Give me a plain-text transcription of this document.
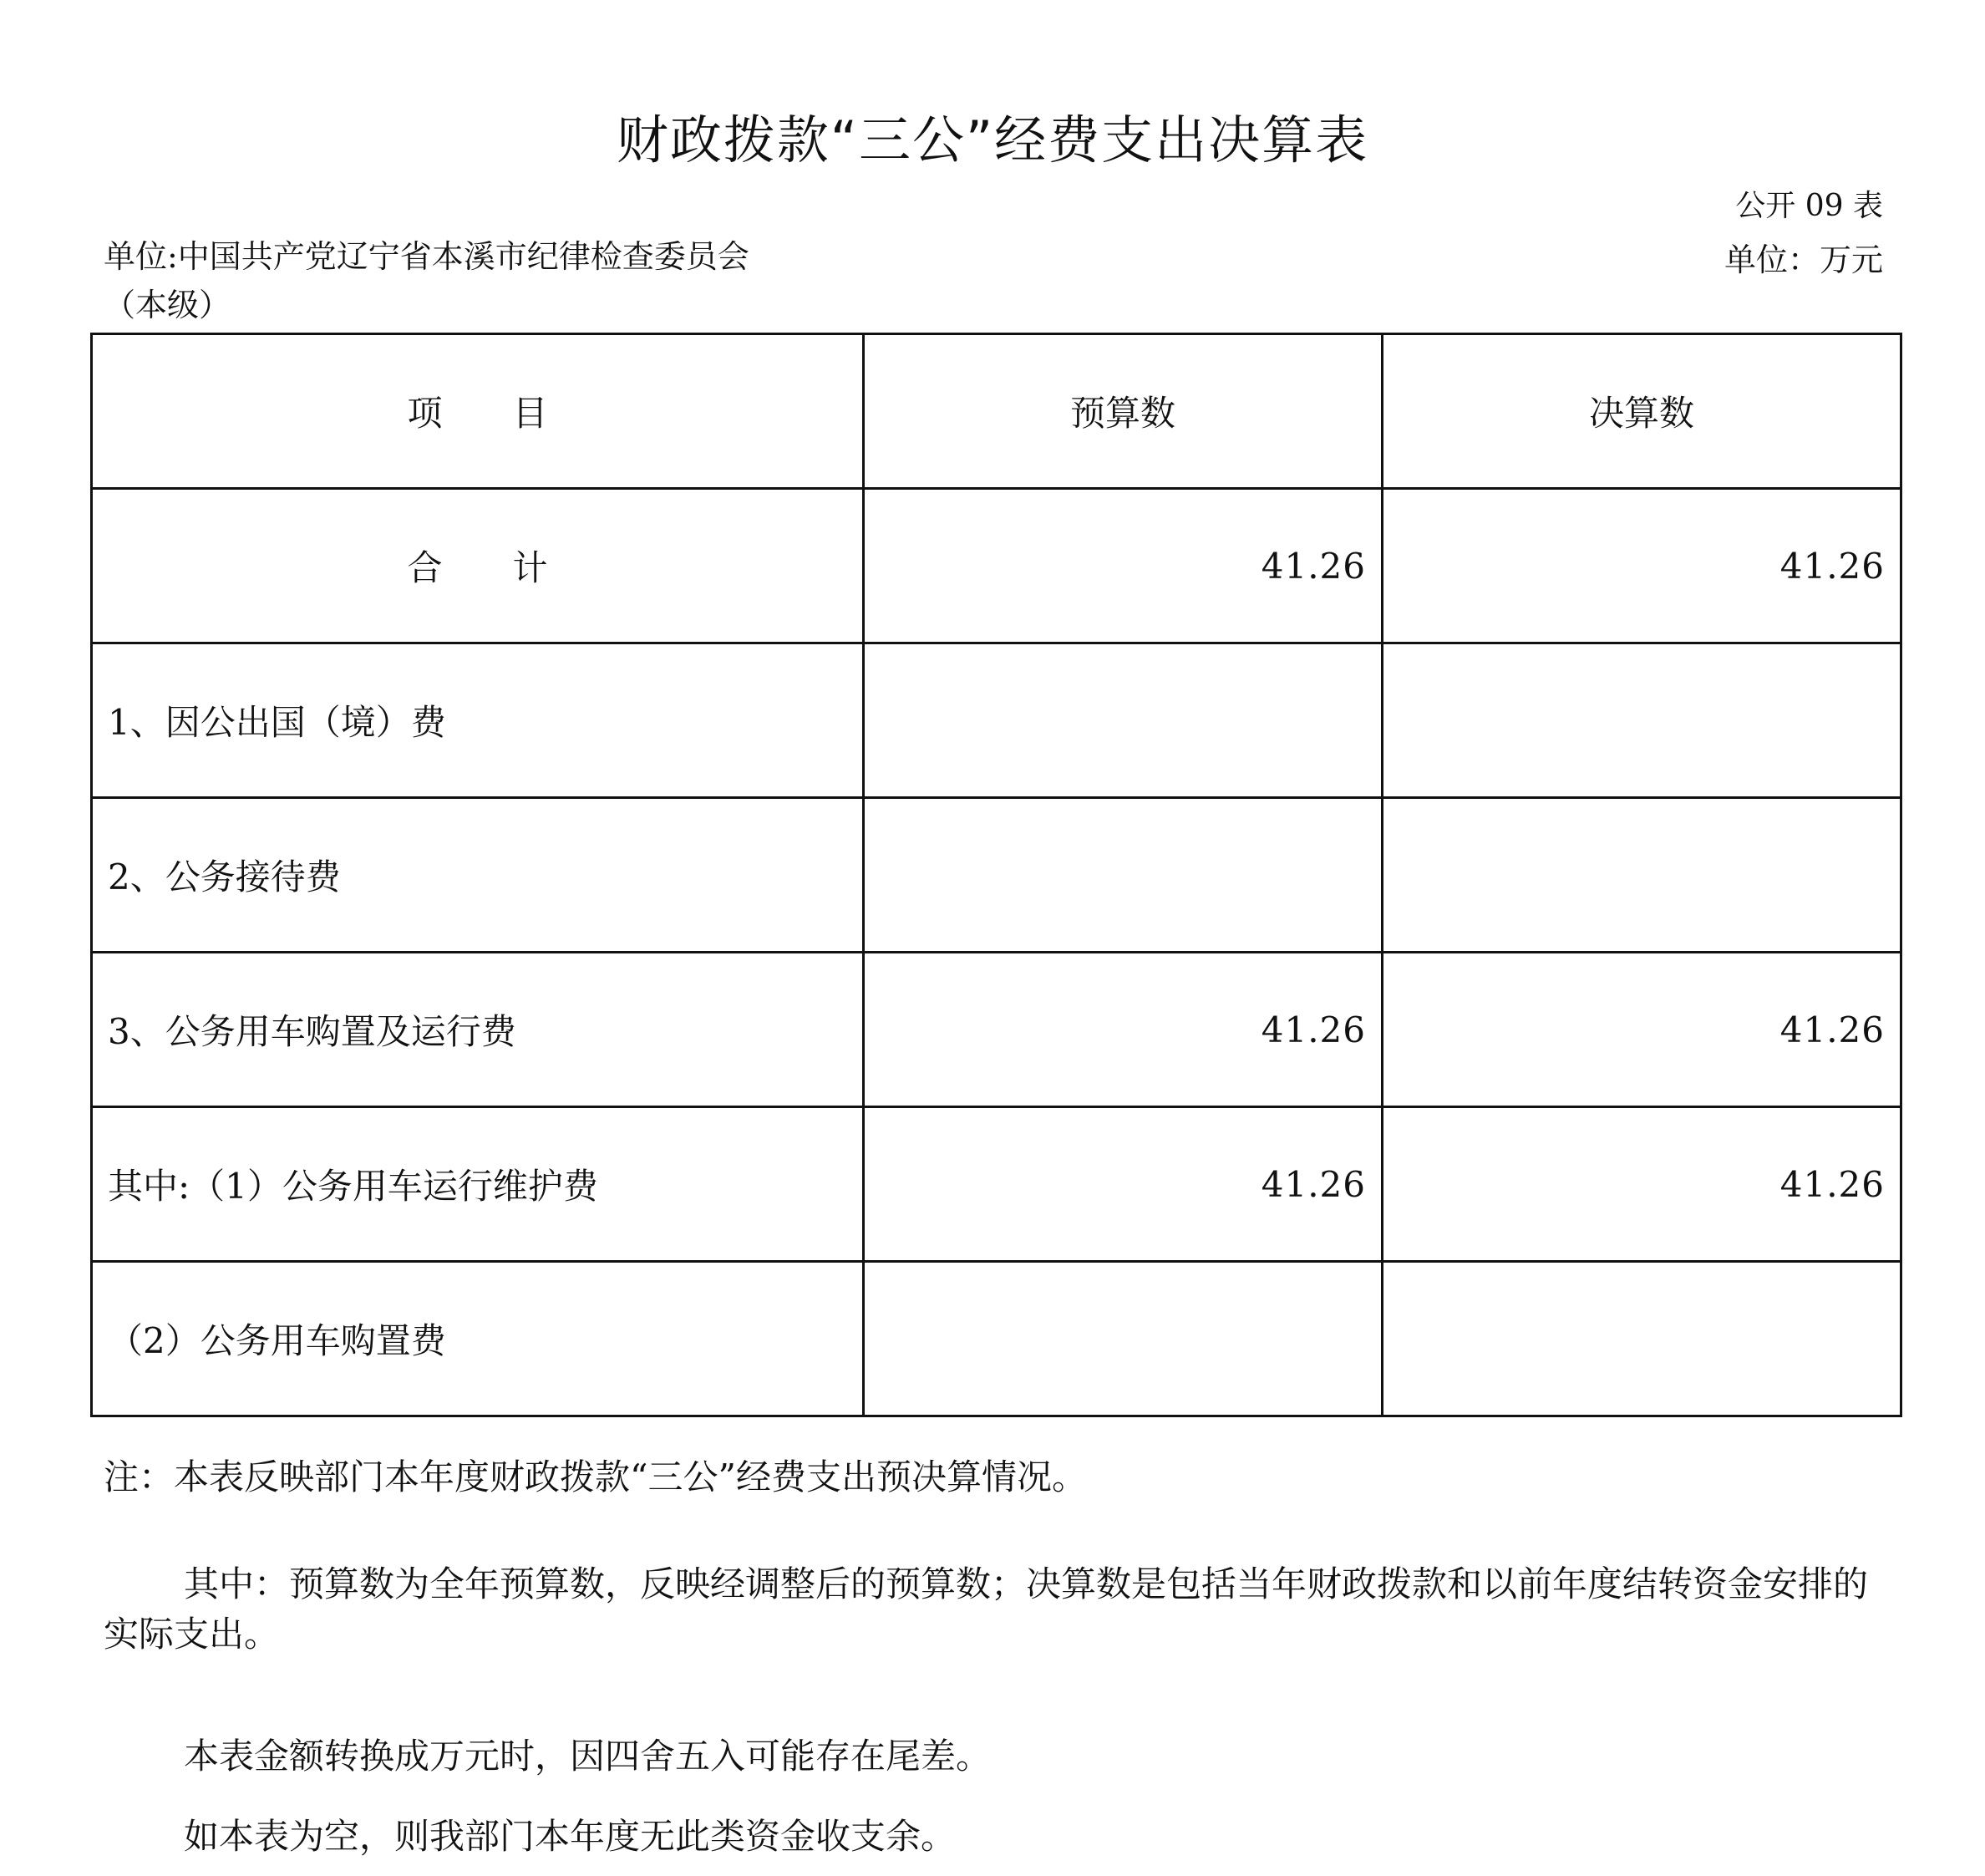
财政拨款“三公”经费支出决算表
公开 09 表
单位:中国共产党辽宁省本溪市纪律检查委员会
（本级）
单位：万元
项　　目	预算数	决算数
合　　计	41.26	41.26
1、因公出国（境）费		
2、公务接待费		
3、公务用车购置及运行费	41.26	41.26
其中:（1）公务用车运行维护费	41.26	41.26
（2）公务用车购置费		
注：本表反映部门本年度财政拨款“三公”经费支出预决算情况。
其中：预算数为全年预算数，反映经调整后的预算数；决算数是包括当年财政拨款和以前年度结转资金安排的实际支出。
本表金额转换成万元时，因四舍五入可能存在尾差。
如本表为空，则我部门本年度无此类资金收支余。
